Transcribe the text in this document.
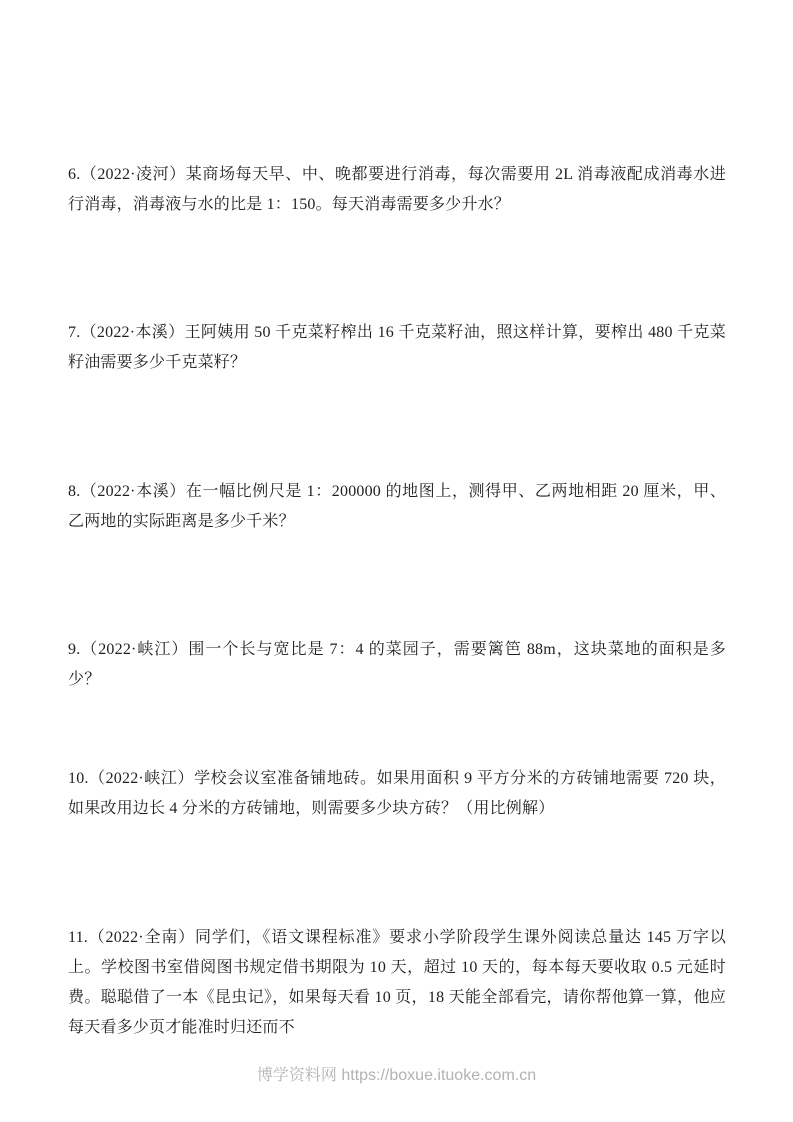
6.（2022·凌河）某商场每天早、中、晚都要进行消毒，每次需要用 2L 消毒液配成消毒水进行消毒，消毒液与水的比是 1：150。每天消毒需要多少升水？

7.（2022·本溪）王阿姨用 50 千克菜籽榨出 16 千克菜籽油，照这样计算，要榨出 480 千克菜籽油需要多少千克菜籽？

8.（2022·本溪）在一幅比例尺是 1：200000 的地图上，测得甲、乙两地相距 20 厘米，甲、乙两地的实际距离是多少千米？

9.（2022·峡江）围一个长与宽比是 7：4 的菜园子，需要篱笆 88m，这块菜地的面积是多少？

10.（2022·峡江）学校会议室准备铺地砖。如果用面积 9 平方分米的方砖铺地需要 720 块，如果改用边长 4 分米的方砖铺地，则需要多少块方砖？（用比例解）

11.（2022·全南）同学们，《语文课程标准》要求小学阶段学生课外阅读总量达 145 万字以上。学校图书室借阅图书规定借书期限为 10 天，超过 10 天的，每本每天要收取 0.5 元延时费。聪聪借了一本《昆虫记》，如果每天看 10 页，18 天能全部看完，请你帮他算一算，他应每天看多少页才能准时归还而不

博学资料网 https://boxue.ituoke.com.cn
